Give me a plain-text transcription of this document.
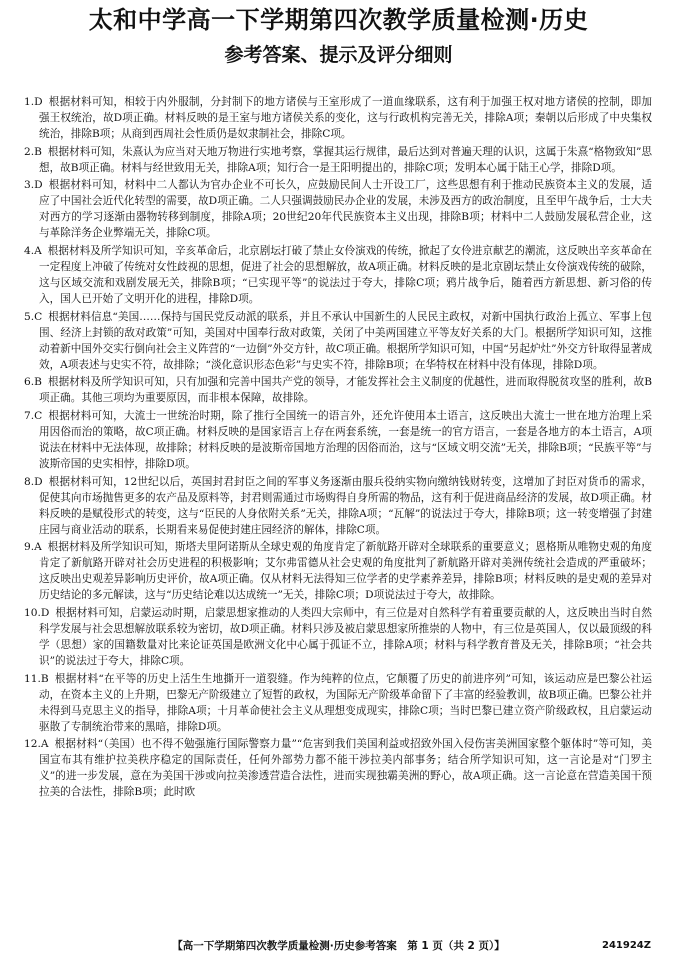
太和中学高一下学期第四次教学质量检测·历史
参考答案、提示及评分细则

1.D 根据材料可知，相较于内外服制，分封制下的地方诸侯与王室形成了一道血缘联系，这有利于加强王权对地方诸侯的控制，即加强王权统治，故D项正确。材料反映的是王室与地方诸侯关系的变化，这与行政机构完善无关，排除A项；秦朝以后形成了中央集权统治，排除B项；从商到西周社会性质仍是奴隶制社会，排除C项。

2.B 根据材料可知，朱熹认为应当对天地万物进行实地考察，掌握其运行规律，最后达到对普遍天理的认识，这属于朱熹“格物致知”思想，故B项正确。材料与经世致用无关，排除A项；知行合一是王阳明提出的，排除C项；发明本心属于陆王心学，排除D项。

3.D 根据材料可知，材料中二人都认为官办企业不可长久，应鼓励民间人士开设工厂，这些思想有利于推动民族资本主义的发展，适应了中国社会近代化转型的需要，故D项正确。二人只强调鼓励民办企业的发展，未涉及西方的政治制度，且至甲午战争后，士大夫对西方的学习逐渐由器物转移到制度，排除A项；20世纪20年代民族资本主义出现，排除B项；材料中二人鼓励发展私营企业，这与革除洋务企业弊端无关，排除C项。

4.A 根据材料及所学知识可知，辛亥革命后，北京剧坛打破了禁止女伶演戏的传统，掀起了女伶进京献艺的潮流，这反映出辛亥革命在一定程度上冲破了传统对女性歧视的思想，促进了社会的思想解放，故A项正确。材料反映的是北京剧坛禁止女伶演戏传统的破除，这与区域交流和戏剧发展无关，排除B项；“已实现平等”的说法过于夸大，排除C项；鸦片战争后，随着西方新思想、新习俗的传入，国人已开始了文明开化的进程，排除D项。

5.C 根据材料信息“美国……保持与国民党反动派的联系，并且不承认中国新生的人民民主政权，对新中国执行政治上孤立、军事上包围、经济上封锁的敌对政策”可知，美国对中国奉行敌对政策，关闭了中美两国建立平等友好关系的大门。根据所学知识可知，这推动着新中国外交实行倒向社会主义阵营的“一边倒”外交方针，故C项正确。根据所学知识可知，中国“另起炉灶”外交方针取得显著成效，A项表述与史实不符，故排除；“淡化意识形态色彩”与史实不符，排除B项；在华特权在材料中没有体现，排除D项。

6.B 根据材料及所学知识可知，只有加强和完善中国共产党的领导，才能发挥社会主义制度的优越性，进而取得脱贫攻坚的胜利，故B项正确。其他三项均为重要原因，而非根本保障，故排除。

7.C 根据材料可知，大流士一世统治时期，除了推行全国统一的语言外，还允许使用本土语言，这反映出大流士一世在地方治理上采用因俗而治的策略，故C项正确。材料反映的是国家语言上存在两套系统，一套是统一的官方语言，一套是各地方的本土语言，A项说法在材料中无法体现，故排除；材料反映的是波斯帝国地方治理的因俗而治，这与“区域文明交流”无关，排除B项；“民族平等”与波斯帝国的史实相悖，排除D项。

8.D 根据材料可知，12世纪以后，英国封君封臣之间的军事义务逐渐由服兵役纳实物向缴纳钱财转变，这增加了封臣对货币的需求，促使其向市场抛售更多的农产品及原料等，封君则需通过市场购得自身所需的物品，这有利于促进商品经济的发展，故D项正确。材料反映的是赋役形式的转变，这与“臣民的人身依附关系”无关，排除A项；“瓦解”的说法过于夸大，排除B项；这一转变增强了封建庄园与商业活动的联系，长期看来易促使封建庄园经济的解体，排除C项。

9.A 根据材料及所学知识可知，斯塔夫里阿诺斯从全球史观的角度肯定了新航路开辟对全球联系的重要意义；恩格斯从唯物史观的角度肯定了新航路开辟对社会历史进程的积极影响；艾尔弗雷德从社会史观的角度批判了新航路开辟对美洲传统社会造成的严重破坏；这反映出史观差异影响历史评价，故A项正确。仅从材料无法得知三位学者的史学素养差异，排除B项；材料反映的是史观的差异对历史结论的多元解读，这与“历史结论难以达成统一”无关，排除C项；D项说法过于夸大，故排除。

10.D 根据材料可知，启蒙运动时期，启蒙思想家推动的人类四大宗师中，有三位是对自然科学有着重要贡献的人，这反映出当时自然科学发展与社会思想解放联系较为密切，故D项正确。材料只涉及被启蒙思想家所推崇的人物中，有三位是英国人，仅以最顶级的科学（思想）家的国籍数量对比来论证英国是欧洲文化中心属于孤证不立，排除A项；材料与科学教育普及无关，排除B项；“社会共识”的说法过于夸大，排除C项。

11.B 根据材料“在平等的历史上活生生地撕开一道裂缝。作为纯粹的位点，它颠覆了历史的前进序列”可知，该运动应是巴黎公社运动，在资本主义的上升期，巴黎无产阶级建立了短暂的政权，为国际无产阶级革命留下了丰富的经验教训，故B项正确。巴黎公社并未得到马克思主义的指导，排除A项；十月革命使社会主义从理想变成现实，排除C项；当时巴黎已建立资产阶级政权，且启蒙运动驱散了专制统治带来的黑暗，排除D项。

12.A 根据材料“（美国）也不得不勉强施行国际警察力量”“危害到我们美国利益或招致外国入侵伤害美洲国家整个躯体时”等可知，美国宣布其有维护拉美秩序稳定的国际责任，任何外部势力都不能干涉拉美内部事务；结合所学知识可知，这一言论是对“门罗主义”的进一步发展，意在为美国干涉或向拉美渗透营造合法性，进而实现独霸美洲的野心，故A项正确。这一言论意在营造美国干预拉美的合法性，排除B项；此时欧

【高一下学期第四次教学质量检测·历史参考答案　第 1 页（共 2 页）】	241924Z
